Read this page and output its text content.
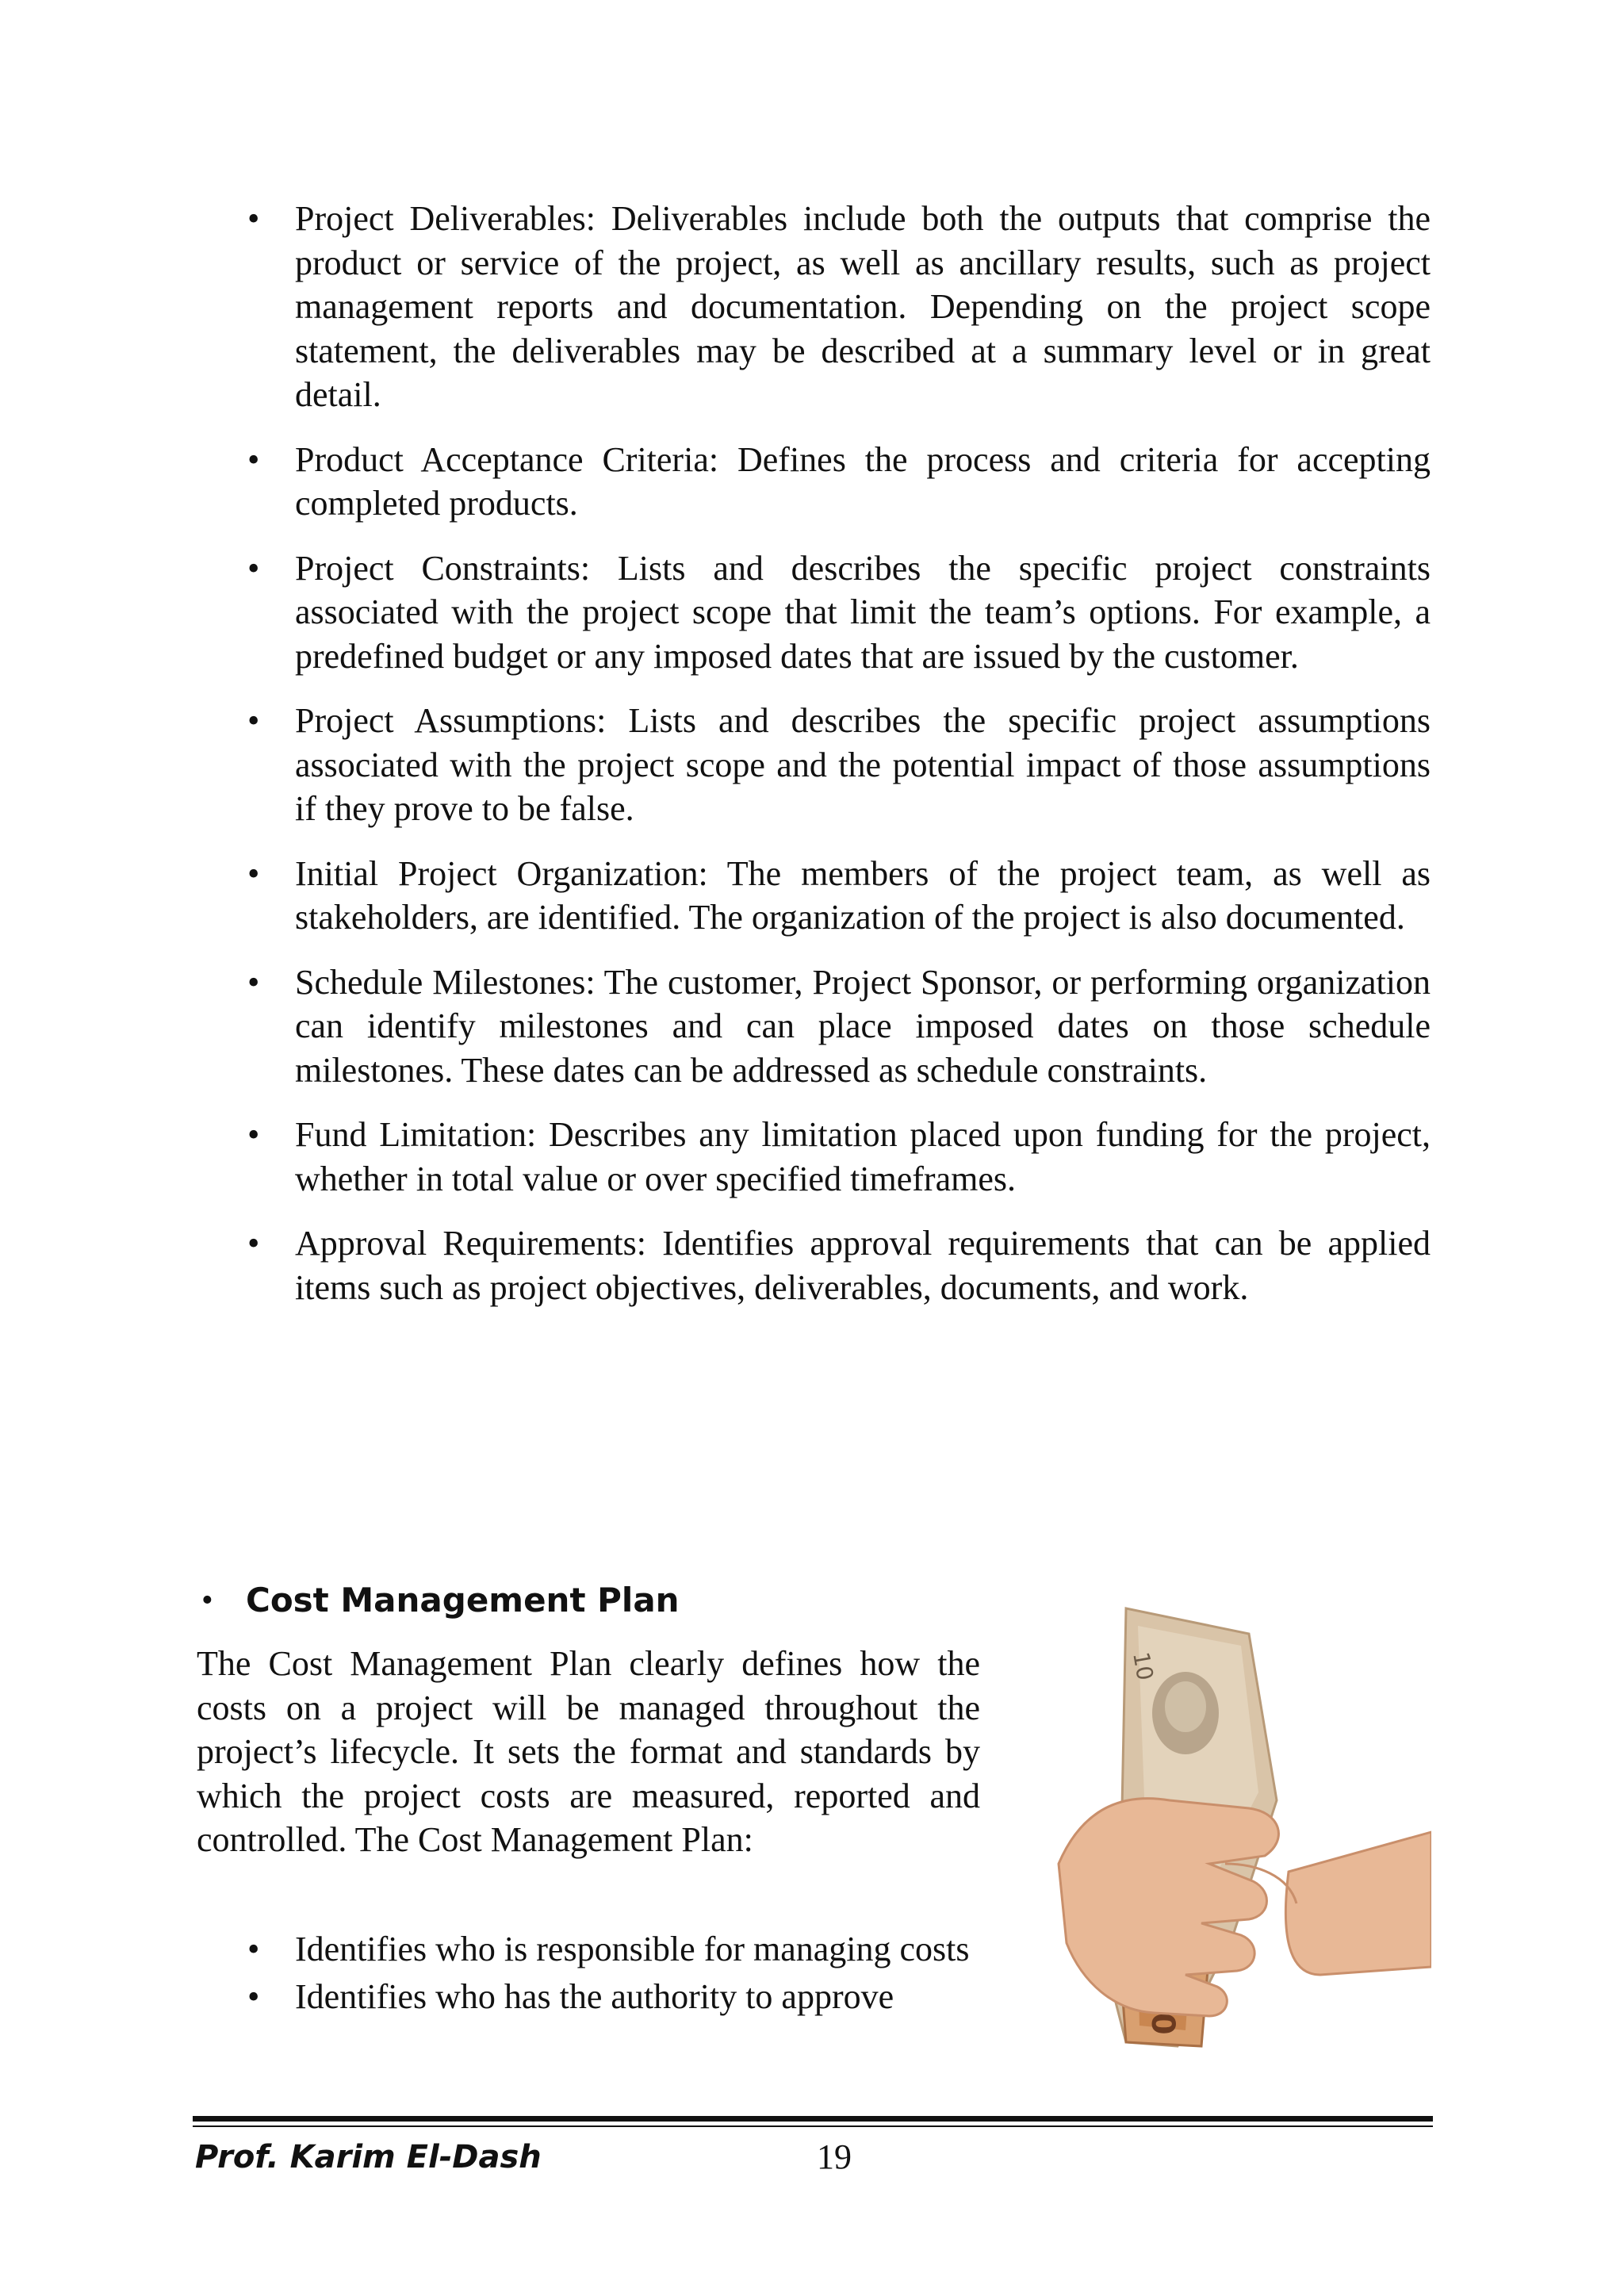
• Project Deliverables: Deliverables include both the outputs that comprise the product or service of the project, as well as ancillary results, such as project management reports and documentation. Depending on the project scope statement, the deliverables may be described at a summary level or in great detail.
• Product Acceptance Criteria: Defines the process and criteria for accepting completed products.
• Project Constraints: Lists and describes the specific project constraints associated with the project scope that limit the team’s options. For example, a predefined budget or any imposed dates that are issued by the customer.
• Project Assumptions: Lists and describes the specific project assumptions associated with the project scope and the potential impact of those assumptions if they prove to be false.
• Initial Project Organization: The members of the project team, as well as stakeholders, are identified. The organization of the project is also documented.
• Schedule Milestones: The customer, Project Sponsor, or performing organization can identify milestones and can place imposed dates on those schedule milestones. These dates can be addressed as schedule constraints.
• Fund Limitation: Describes any limitation placed upon funding for the project, whether in total value or over specified timeframes.
• Approval Requirements: Identifies approval requirements that can be applied items such as project objectives, deliverables, documents, and work.
• Cost Management Plan

The Cost Management Plan clearly defines how the costs on a project will be managed throughout the project’s lifecycle. It sets the format and standards by which the project costs are measured, reported and controlled. The Cost Management Plan:

• Identifies who is responsible for managing costs
• Identifies who has the authority to approve
10
Prof. Karim El-Dash	19
